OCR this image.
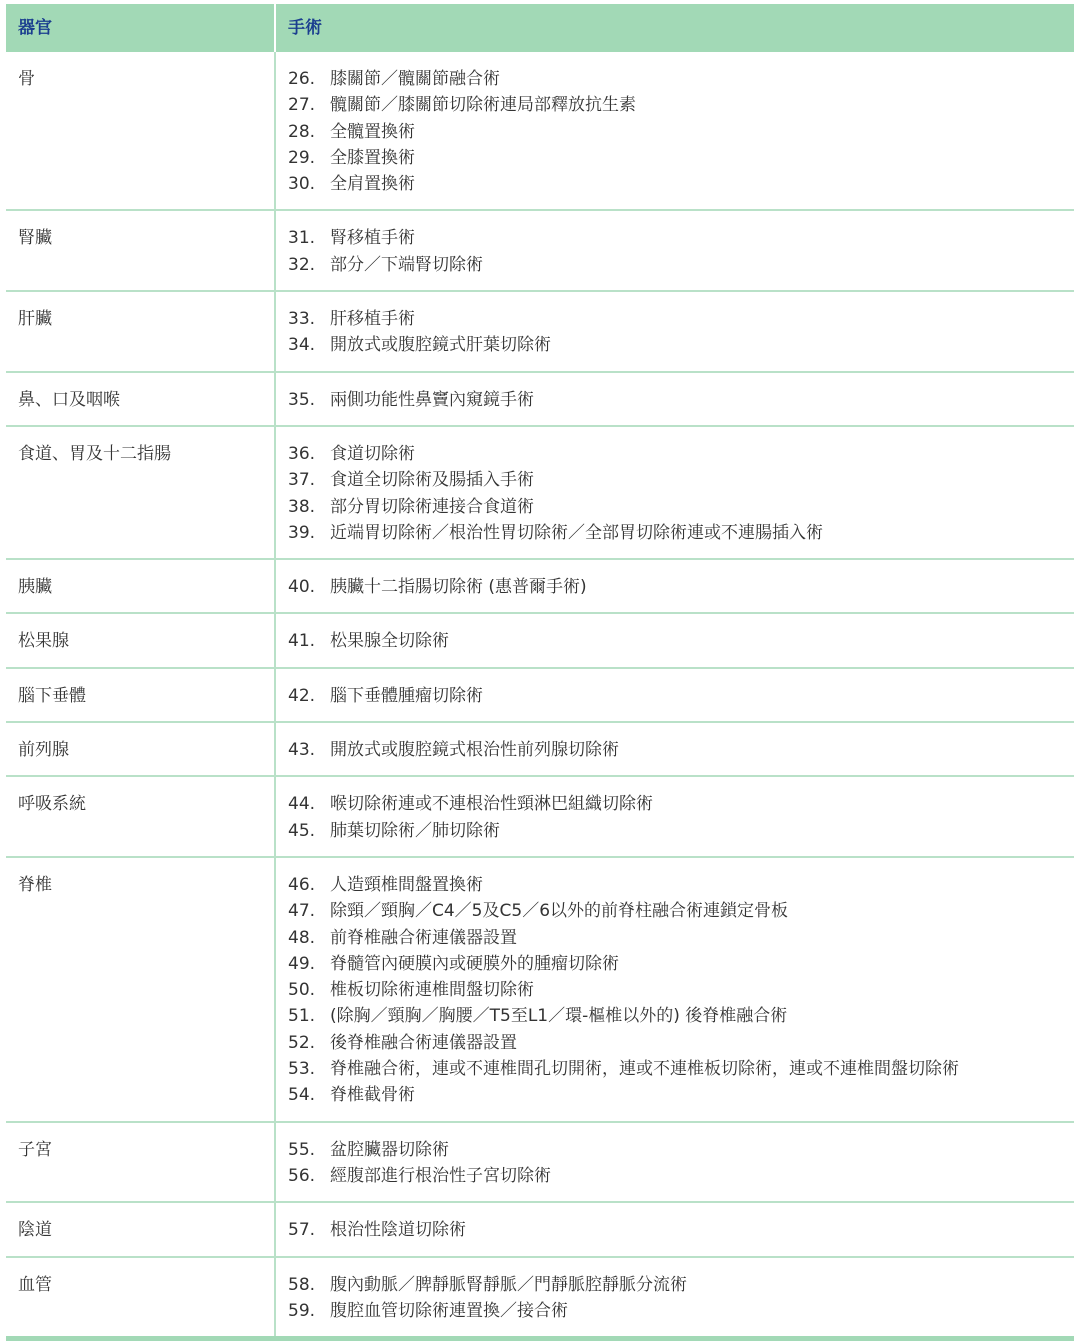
器官	手術
骨	26. 膝關節／髖關節融合術
27. 髖關節／膝關節切除術連局部釋放抗生素
28. 全髖置換術
29. 全膝置換術
30. 全肩置換術
腎臟	31. 腎移植手術
32. 部分／下端腎切除術
肝臟	33. 肝移植手術
34. 開放式或腹腔鏡式肝葉切除術
鼻、口及咽喉	35. 兩側功能性鼻竇內窺鏡手術
食道、胃及十二指腸	36. 食道切除術
37. 食道全切除術及腸插入手術
38. 部分胃切除術連接合食道術
39. 近端胃切除術／根治性胃切除術／全部胃切除術連或不連腸插入術
胰臟	40. 胰臟十二指腸切除術 (惠普爾手術)
松果腺	41. 松果腺全切除術
腦下垂體	42. 腦下垂體腫瘤切除術
前列腺	43. 開放式或腹腔鏡式根治性前列腺切除術
呼吸系統	44. 喉切除術連或不連根治性頸淋巴組織切除術
45. 肺葉切除術／肺切除術
脊椎	46. 人造頸椎間盤置換術
47. 除頸／頸胸／C4／5及C5／6以外的前脊柱融合術連鎖定骨板
48. 前脊椎融合術連儀器設置
49. 脊髓管內硬膜內或硬膜外的腫瘤切除術
50. 椎板切除術連椎間盤切除術
51. (除胸／頸胸／胸腰／T5至L1／環-樞椎以外的) 後脊椎融合術
52. 後脊椎融合術連儀器設置
53. 脊椎融合術，連或不連椎間孔切開術，連或不連椎板切除術，連或不連椎間盤切除術
54. 脊椎截骨術
子宮	55. 盆腔臟器切除術
56. 經腹部進行根治性子宮切除術
陰道	57. 根治性陰道切除術
血管	58. 腹內動脈／脾靜脈腎靜脈／門靜脈腔靜脈分流術
59. 腹腔血管切除術連置換／接合術
